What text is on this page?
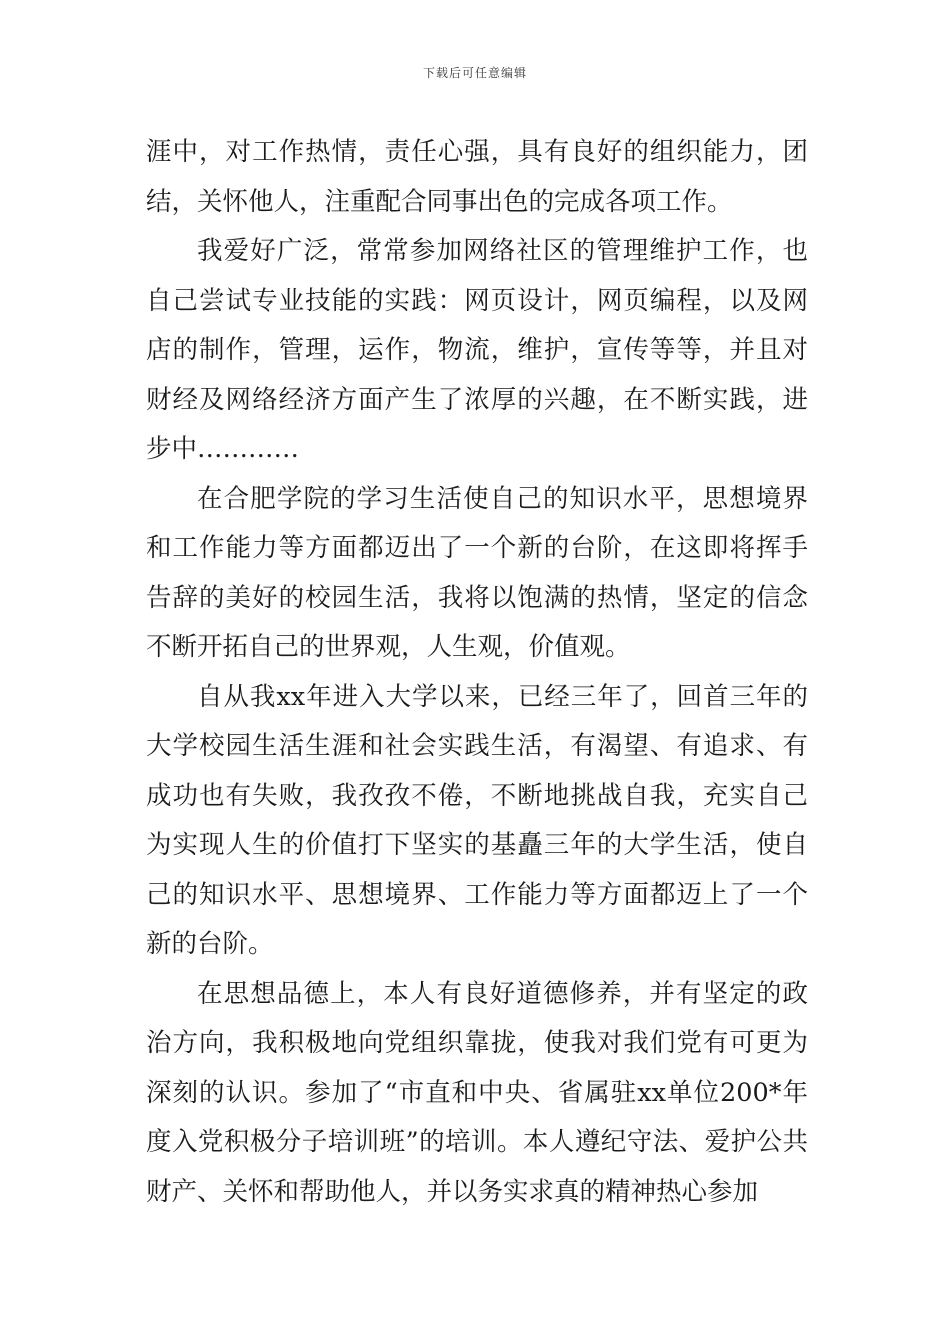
下载后可任意编辑

涯中，对工作热情，责任心强，具有良好的组织能力，团结，关怀他人，注重配合同事出色的完成各项工作。

我爱好广泛，常常参加网络社区的管理维护工作，也自己尝试专业技能的实践：网页设计，网页编程，以及网店的制作，管理，运作，物流，维护，宣传等等，并且对财经及网络经济方面产生了浓厚的兴趣，在不断实践，进步中…………

在合肥学院的学习生活使自己的知识水平，思想境界和工作能力等方面都迈出了一个新的台阶，在这即将挥手告辞的美好的校园生活，我将以饱满的热情，坚定的信念不断开拓自己的世界观，人生观，价值观。

自从我xx年进入大学以来，已经三年了，回首三年的大学校园生活生涯和社会实践生活，有渴望、有追求、有成功也有失败，我孜孜不倦，不断地挑战自我，充实自己为实现人生的价值打下坚实的基矗三年的大学生活，使自己的知识水平、思想境界、工作能力等方面都迈上了一个新的台阶。

在思想品德上，本人有良好道德修养，并有坚定的政治方向，我积极地向党组织靠拢，使我对我们党有可更为深刻的认识。参加了“市直和中央、省属驻xx单位200*年度入党积极分子培训班”的培训。本人遵纪守法、爱护公共财产、关怀和帮助他人，并以务实求真的精神热心参加
